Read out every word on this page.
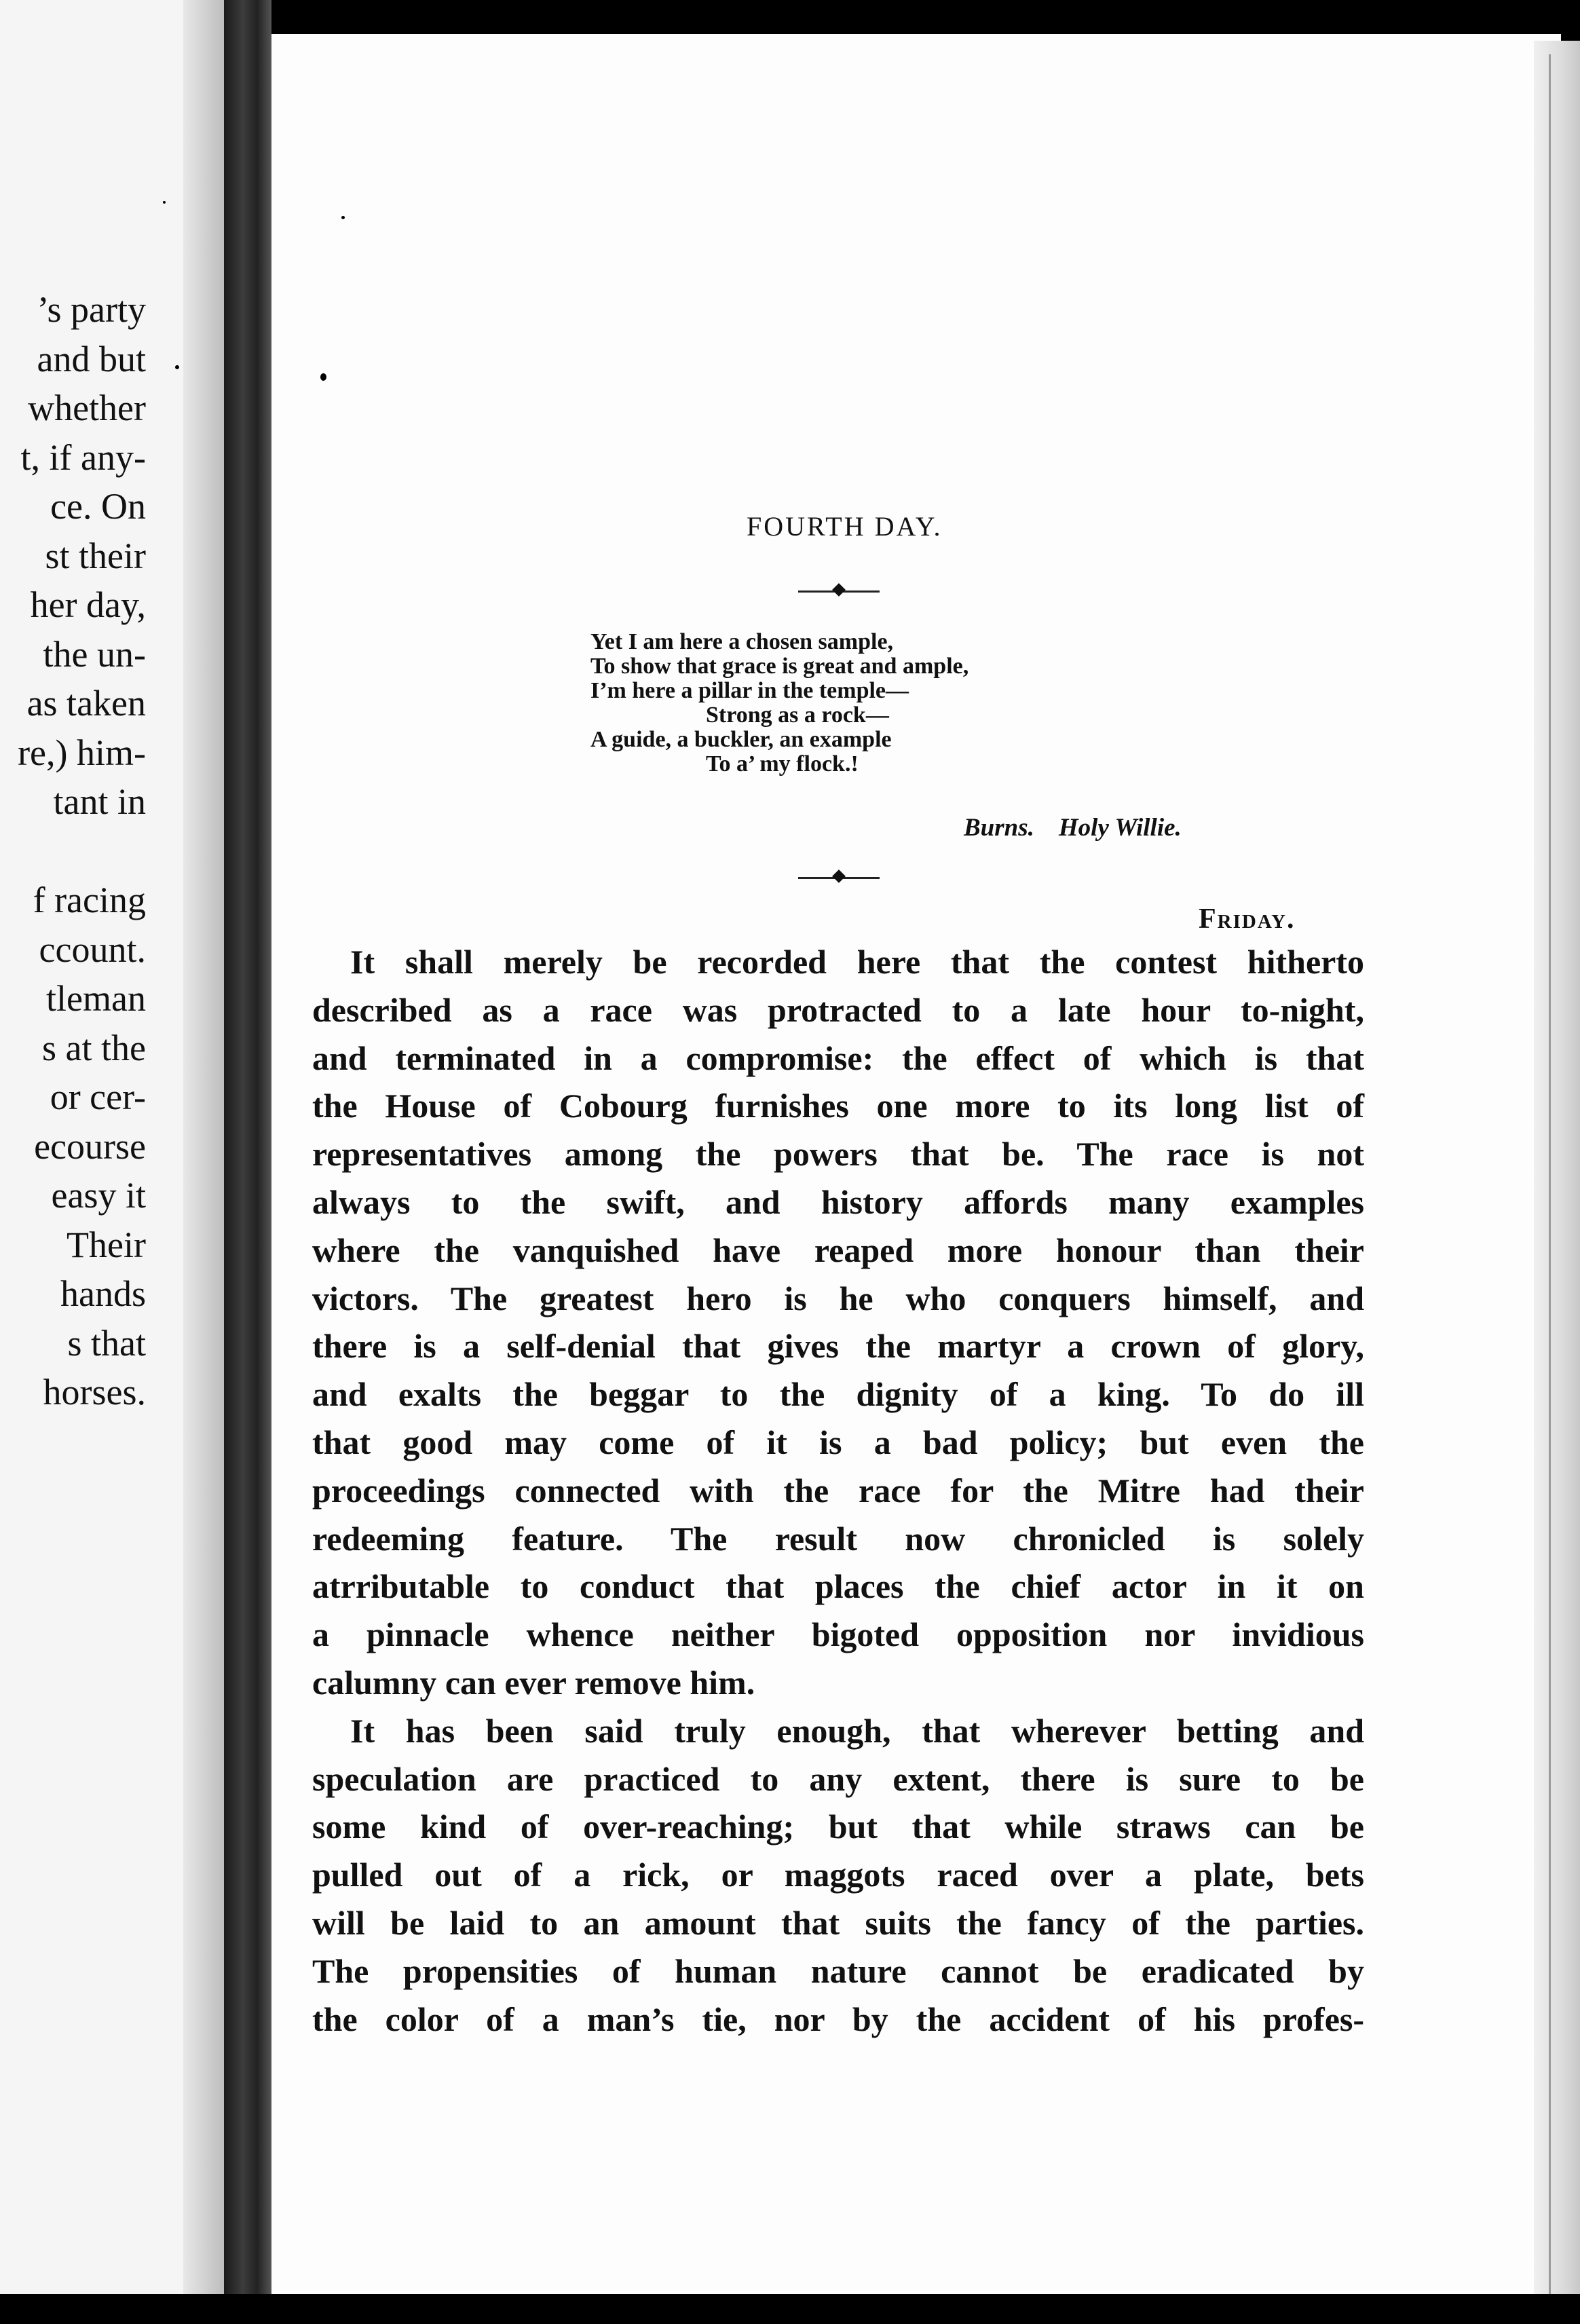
’s party
and but
whether
t, if any-
ce. On
st their
her day,
the un-
as taken
re,) him-
tant in
f racing
ccount.
tleman
s at the
or cer-
ecourse
easy it
Their
hands
s that
horses.
FOURTH DAY.
Yet I am here a chosen sample,
To show that grace is great and ample,
I’m here a pillar in the temple—
Strong as a rock—
A guide, a buckler, an example
To a’ my flock.!
Burns. Holy Willie.
Friday.
It shall merely be recorded here that the contest hitherto
described as a race was protracted to a late hour to-night,
and terminated in a compromise: the effect of which is that
the House of Cobourg furnishes one more to its long list of
representatives among the powers that be. The race is not
always to the swift, and history affords many examples
where the vanquished have reaped more honour than their
victors. The greatest hero is he who conquers himself, and
there is a self-denial that gives the martyr a crown of glory,
and exalts the beggar to the dignity of a king. To do ill
that good may come of it is a bad policy; but even the
proceedings connected with the race for the Mitre had their
redeeming feature. The result now chronicled is solely
atrributable to conduct that places the chief actor in it on
a pinnacle whence neither bigoted opposition nor invidious
calumny can ever remove him.
It has been said truly enough, that wherever betting and
speculation are practiced to any extent, there is sure to be
some kind of over-reaching; but that while straws can be
pulled out of a rick, or maggots raced over a plate, bets
will be laid to an amount that suits the fancy of the parties.
The propensities of human nature cannot be eradicated by
the color of a man’s tie, nor by the accident of his profes-
